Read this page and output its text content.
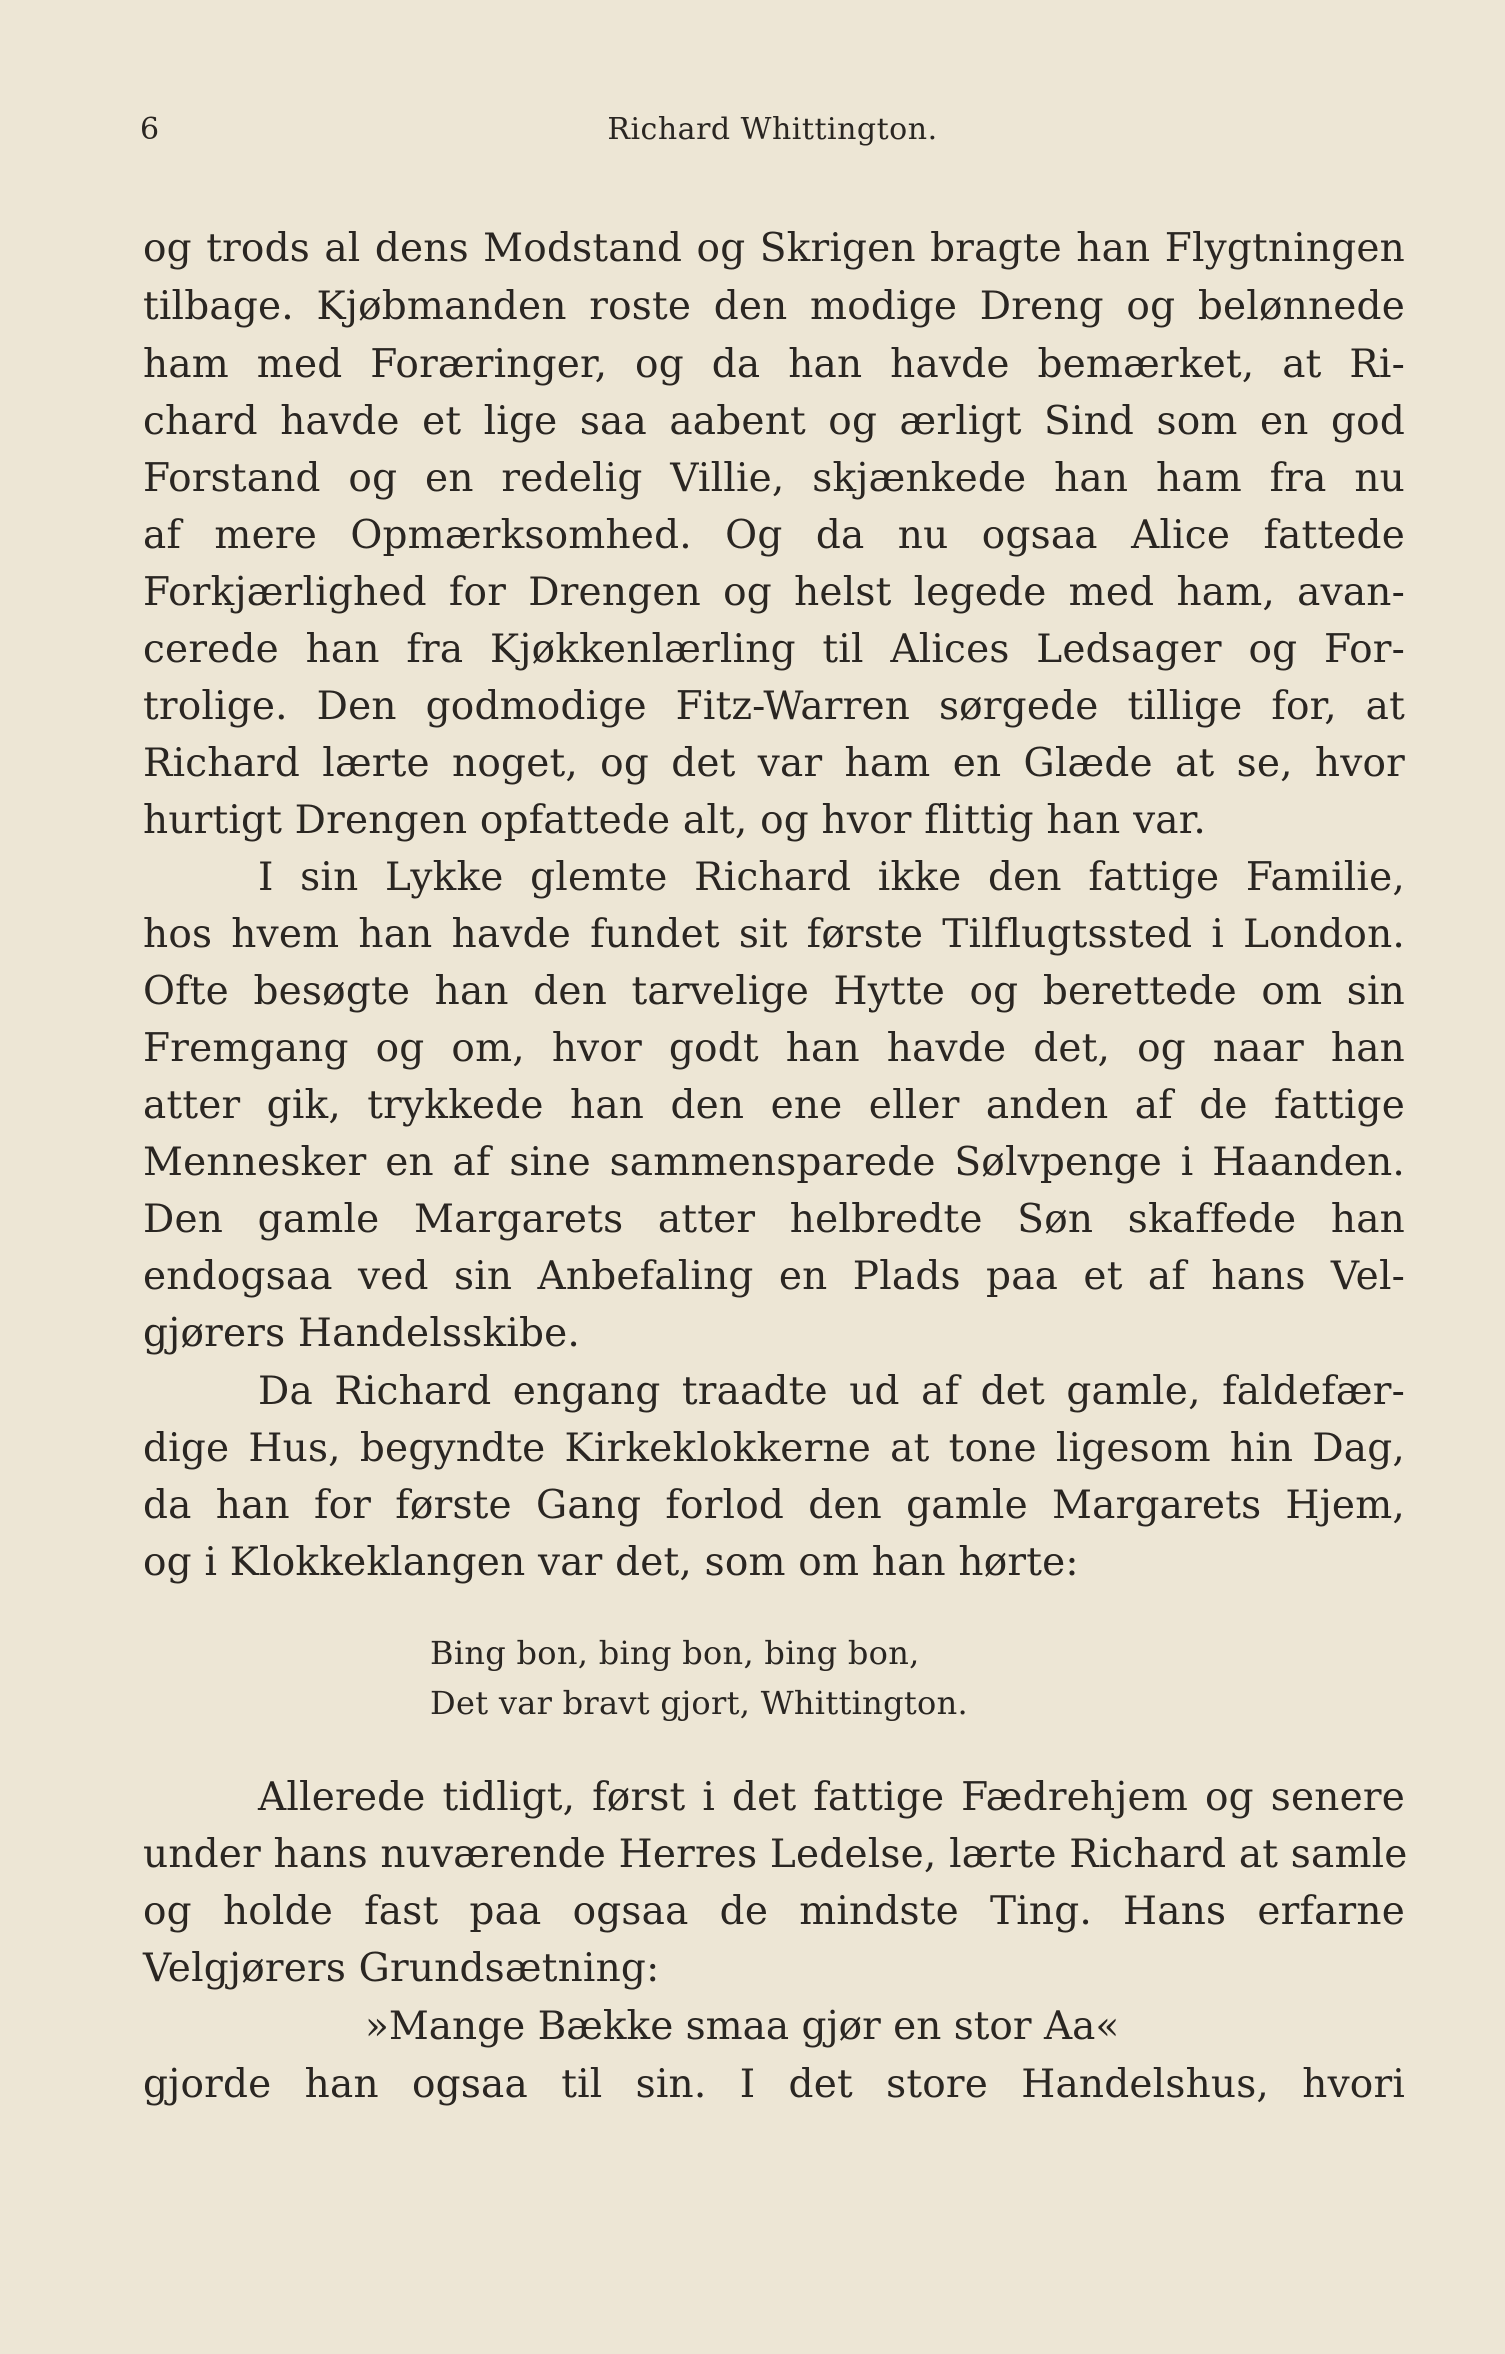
6	Richard Whittington.
og trods al dens Modstand og Skrigen bragte han Flygtningen
tilbage. Kjøbmanden roste den modige Dreng og belønnede
ham med Foræringer, og da han havde bemærket, at Ri-
chard havde et lige saa aabent og ærligt Sind som en god
Forstand og en redelig Villie, skjænkede han ham fra nu
af mere Opmærksomhed. Og da nu ogsaa Alice fattede
Forkjærlighed for Drengen og helst legede med ham, avan-
cerede han fra Kjøkkenlærling til Alices Ledsager og For-
trolige. Den godmodige Fitz-Warren sørgede tillige for, at
Richard lærte noget, og det var ham en Glæde at se, hvor
hurtigt Drengen opfattede alt, og hvor flittig han var.
I sin Lykke glemte Richard ikke den fattige Familie,
hos hvem han havde fundet sit første Tilflugtssted i London.
Ofte besøgte han den tarvelige Hytte og berettede om sin
Fremgang og om, hvor godt han havde det, og naar han
atter gik, trykkede han den ene eller anden af de fattige
Mennesker en af sine sammensparede Sølvpenge i Haanden.
Den gamle Margarets atter helbredte Søn skaffede han
endogsaa ved sin Anbefaling en Plads paa et af hans Vel-
gjørers Handelsskibe.
Da Richard engang traadte ud af det gamle, faldefær-
dige Hus, begyndte Kirkeklokkerne at tone ligesom hin Dag,
da han for første Gang forlod den gamle Margarets Hjem,
og i Klokkeklangen var det, som om han hørte:
Bing bon, bing bon, bing bon,
Det var bravt gjort, Whittington.
Allerede tidligt, først i det fattige Fædrehjem og senere
under hans nuværende Herres Ledelse, lærte Richard at samle
og holde fast paa ogsaa de mindste Ting. Hans erfarne
Velgjørers Grundsætning:
»Mange Bække smaa gjør en stor Aa«
gjorde han ogsaa til sin. I det store Handelshus, hvori
